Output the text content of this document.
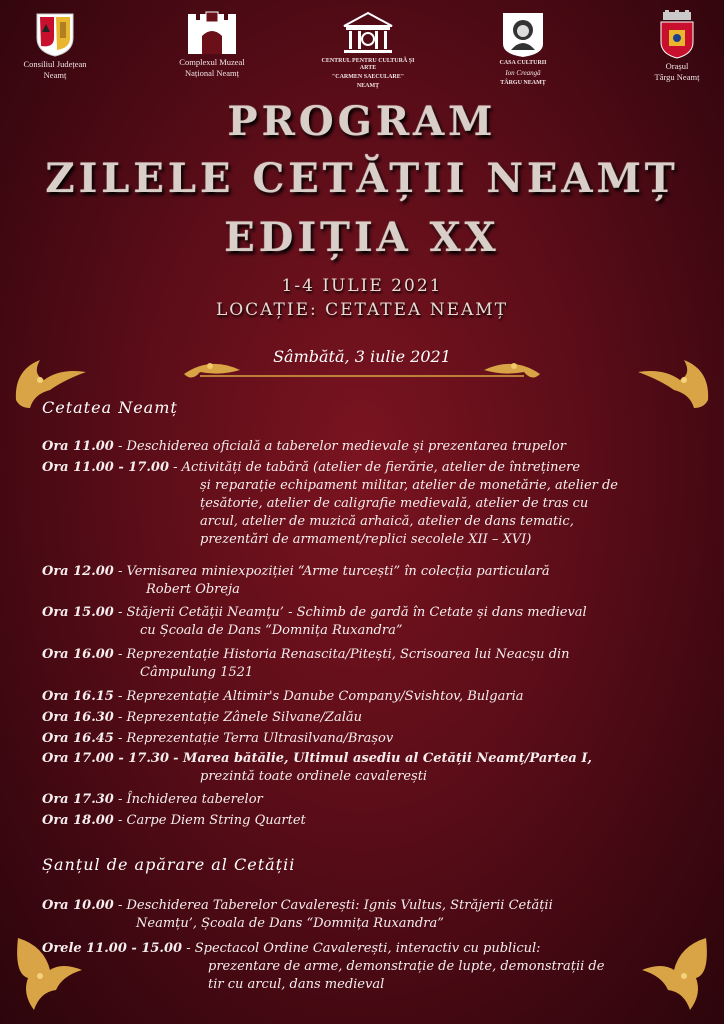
Consiliul Județean
Neamț
Complexul Muzeal
Național Neamț
CENTRUL PENTRU CULTURĂ ȘI ARTE
"CARMEN SAECULARE"
NEAMȚ
CASA CULTURII
Ion Creangă
TÂRGU NEAMȚ
Orașul
Târgu Neamț
PROGRAM
ZILELE CETĂȚII NEAMȚ
EDIȚIA XX
1-4 IULIE 2021
LOCAȚIE: CETATEA NEAMȚ
Sâmbătă, 3 iulie 2021
Cetatea Neamț
Ora 11.00 - Deschiderea oficială a taberelor medievale și prezentarea trupelor
Ora 11.00 - 17.00 - Activități de tabără (atelier de fierărie, atelier de întreținere
și reparație echipament militar, atelier de monetărie, atelier de
țesătorie, atelier de caligrafie medievală, atelier de tras cu
arcul, atelier de muzică arhaică, atelier de dans tematic,
prezentări de armament/replici secolele XII – XVI)
Ora 12.00 - Vernisarea miniexpoziției “Arme turcești” în colecția particulară
Robert Obreja
Ora 15.00 - Stăjerii Cetății Neamțu’ - Schimb de gardă în Cetate și dans medieval
cu Școala de Dans “Domnița Ruxandra”
Ora 16.00 - Reprezentație Historia Renascita/Pitești, Scrisoarea lui Neacșu din
Câmpulung 1521
Ora 16.15 - Reprezentație Altimir's Danube Company/Svishtov, Bulgaria
Ora 16.30 - Reprezentație Zânele Silvane/Zalău
Ora 16.45 - Reprezentație Terra Ultrasilvana/Brașov
Ora 17.00 - 17.30 - Marea bătălie, Ultimul asediu al Cetății Neamț/Partea I,
prezintă toate ordinele cavalerești
Ora 17.30 - Închiderea taberelor
Ora 18.00 - Carpe Diem String Quartet
Șanțul de apărare al Cetății
Ora 10.00 - Deschiderea Taberelor Cavalerești: Ignis Vultus, Străjerii Cetății
Neamțu’, Școala de Dans “Domnița Ruxandra”
Orele 11.00 - 15.00 - Spectacol Ordine Cavalerești, interactiv cu publicul:
prezentare de arme, demonstrație de lupte, demonstrații de
tir cu arcul, dans medieval
